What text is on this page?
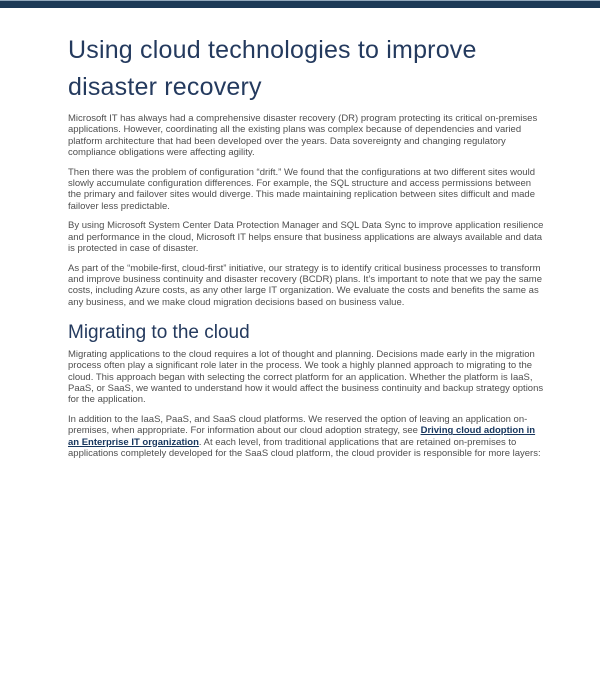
Using cloud technologies to improve disaster recovery

Microsoft IT has always had a comprehensive disaster recovery (DR) program protecting its critical on-premises applications. However, coordinating all the existing plans was complex because of dependencies and varied platform architecture that had been developed over the years. Data sovereignty and changing regulatory compliance obligations were affecting agility.

Then there was the problem of configuration “drift.” We found that the configurations at two different sites would slowly accumulate configuration differences. For example, the SQL structure and access permissions between the primary and failover sites would diverge. This made maintaining replication between sites difficult and made failover less predictable.

By using Microsoft System Center Data Protection Manager and SQL Data Sync to improve application resilience and performance in the cloud, Microsoft IT helps ensure that business applications are always available and data is protected in case of disaster.

As part of the “mobile-first, cloud-first” initiative, our strategy is to identify critical business processes to transform and improve business continuity and disaster recovery (BCDR) plans. It’s important to note that we pay the same costs, including Azure costs, as any other large IT organization. We evaluate the costs and benefits the same as any business, and we make cloud migration decisions based on business value.

Migrating to the cloud

Migrating applications to the cloud requires a lot of thought and planning. Decisions made early in the migration process often play a significant role later in the process. We took a highly planned approach to migrating to the cloud. This approach began with selecting the correct platform for an application. Whether the platform is IaaS, PaaS, or SaaS, we wanted to understand how it would affect the business continuity and backup strategy options for the application.

In addition to the IaaS, PaaS, and SaaS cloud platforms. We reserved the option of leaving an application on-premises, when appropriate. For information about our cloud adoption strategy, see Driving cloud adoption in an Enterprise IT organization. At each level, from traditional applications that are retained on-premises to applications completely developed for the SaaS cloud platform, the cloud provider is responsible for more layers:
